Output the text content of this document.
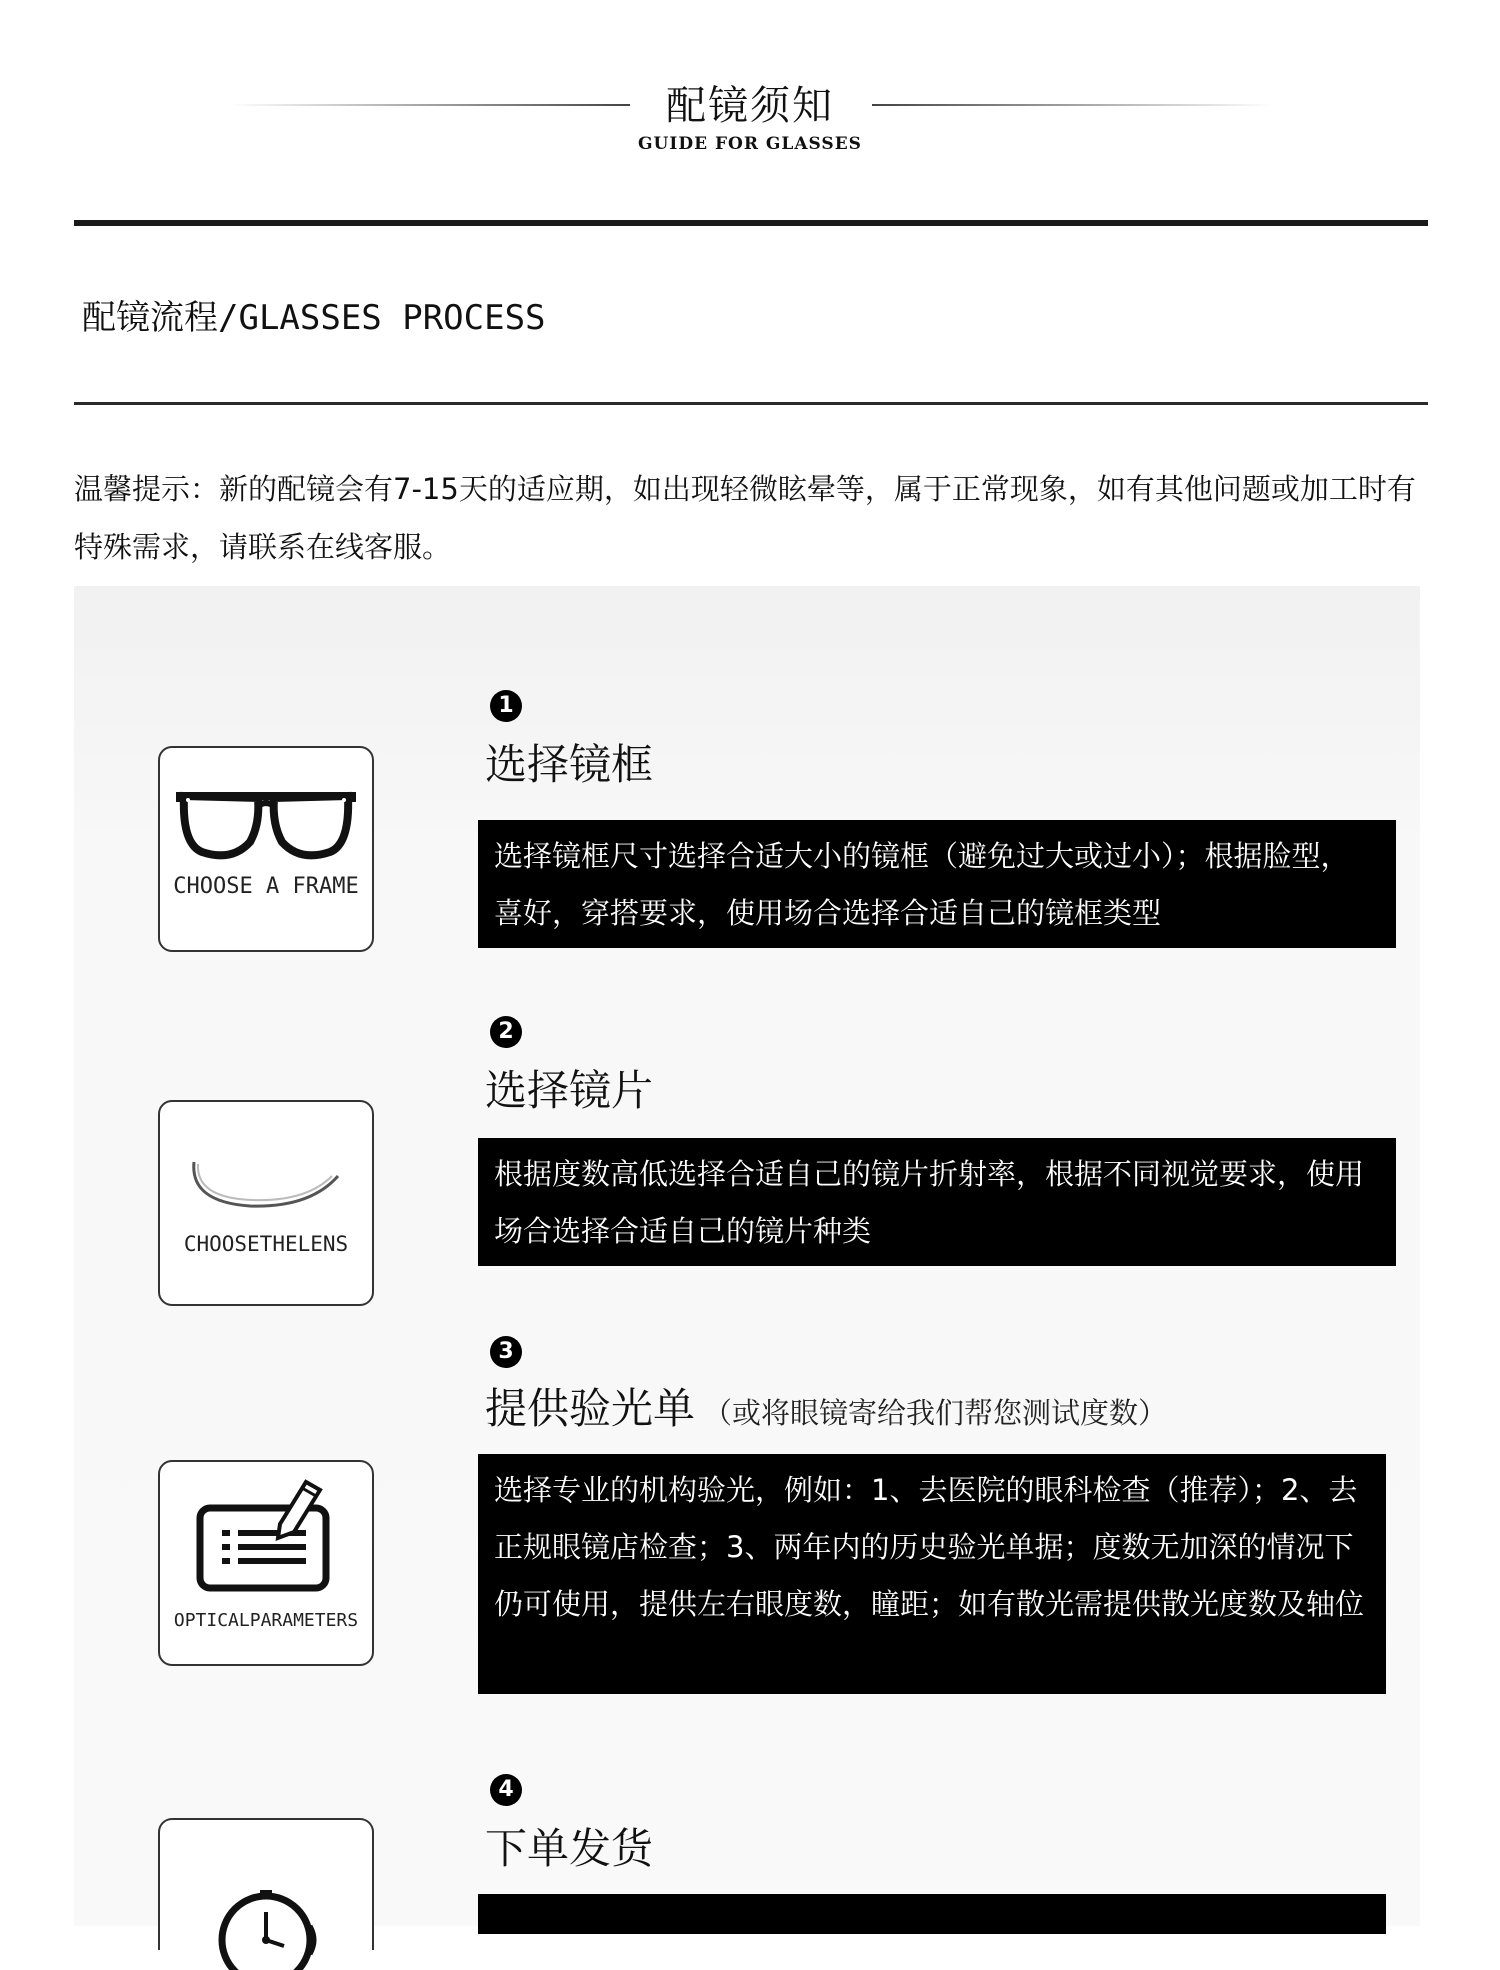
配镜须知
GUIDE FOR GLASSES
配镜流程/GLASSES PROCESS
温馨提示：新的配镜会有7-15天的适应期，如出现轻微眩晕等，属于正常现象，如有其他问题或加工时有特殊需求，请联系在线客服。
1
选择镜框
CHOOSE A FRAME
选择镜框尺寸选择合适大小的镜框（避免过大或过小）；根据脸型，喜好，穿搭要求，使用场合选择合适自己的镜框类型
2
选择镜片
CHOOSETHELENS
根据度数高低选择合适自己的镜片折射率，根据不同视觉要求，使用场合选择合适自己的镜片种类
3
提供验光单 （或将眼镜寄给我们帮您测试度数）
OPTICALPARAMETERS
选择专业的机构验光，例如：1、去医院的眼科检查（推荐）；2、去正规眼镜店检查；3、两年内的历史验光单据；度数无加深的情况下仍可使用，提供左右眼度数，瞳距；如有散光需提供散光度数及轴位
4
下单发货
